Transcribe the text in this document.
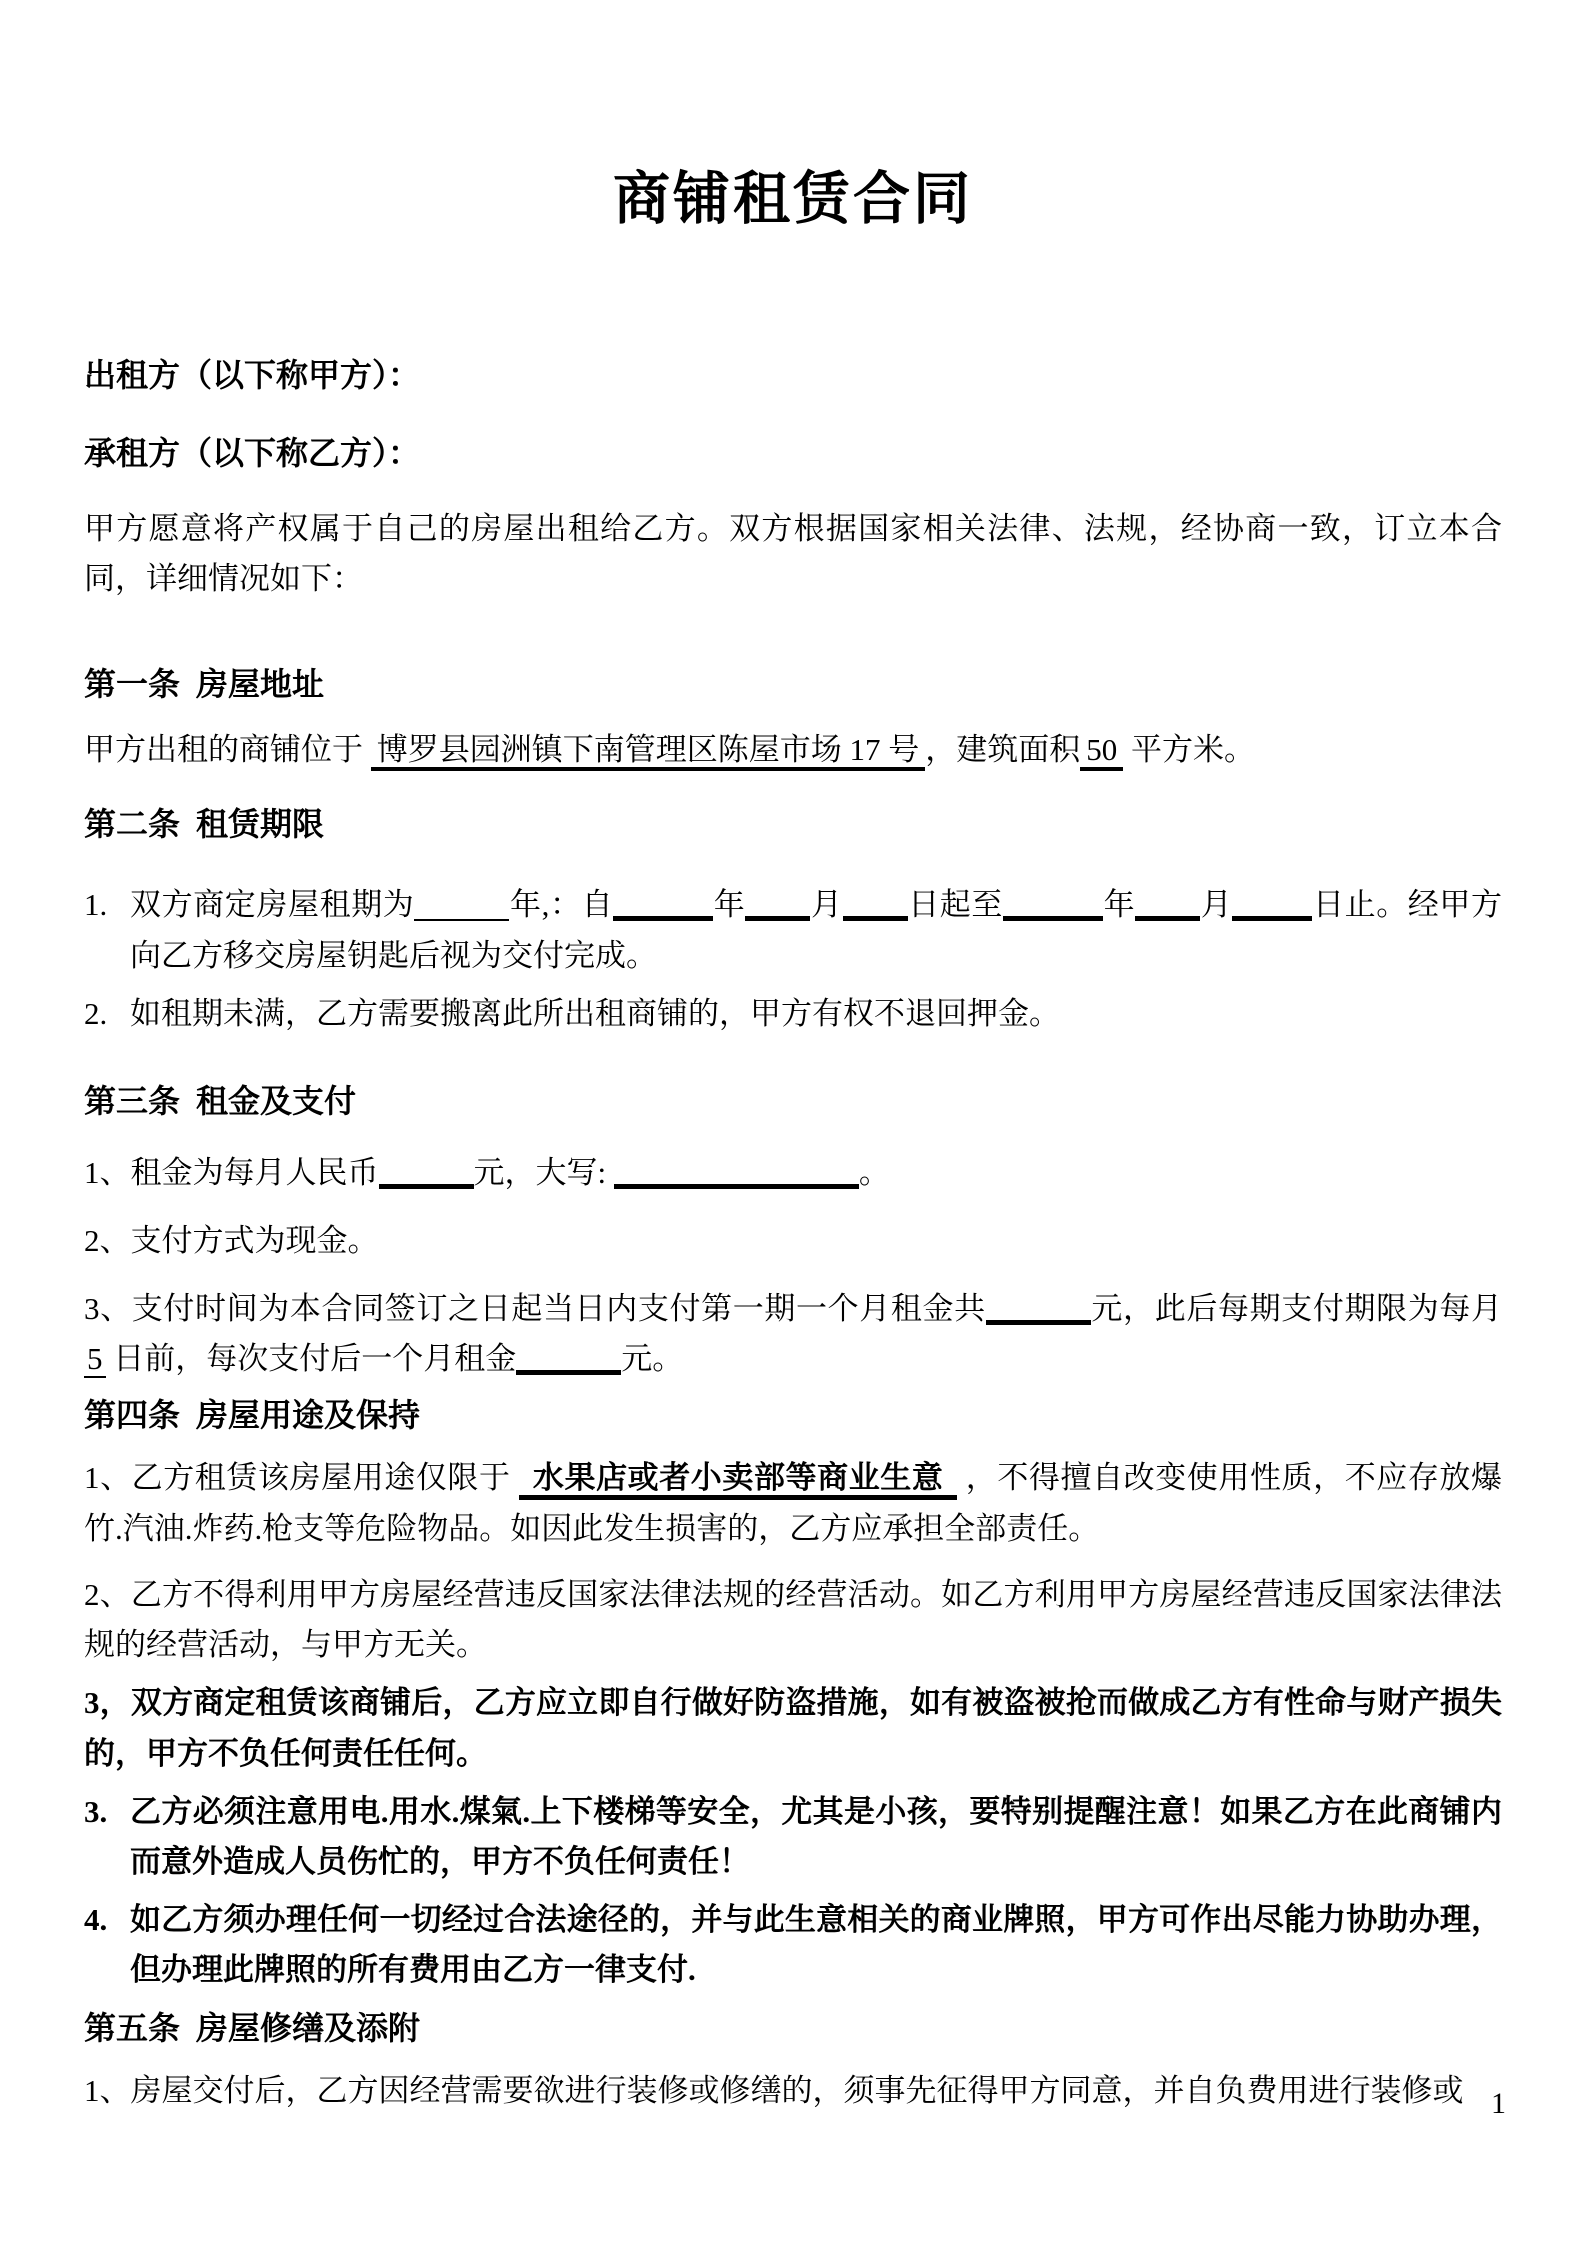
商铺租赁合同

出租方（以下称甲方）：

承租方（以下称乙方）：

甲方愿意将产权属于自己的房屋出租给乙方。双方根据国家相关法律、法规，经协商一致，订立本合同，详细情况如下：

第一条  房屋地址

甲方出租的商铺位于 博罗县园洲镇下南管理区陈屋市场 17 号 ，建筑面积 50 平方米。

第二条  租赁期限

1. 双方商定房屋租期为	年,：自	年 月 日起至	年 月	日止。经甲方向乙方移交房屋钥匙后视为交付完成。
2. 如租期未满，乙方需要搬离此所出租商铺的，甲方有权不退回押金。

第三条  租金及支付

1、租金为每月人民币	元，大写:	。

2、支付方式为现金。

3、支付时间为本合同签订之日起当日内支付第一期一个月租金共	元，此后每期支付期限为每月 5 日前，每次支付后一个月租金	元。

第四条  房屋用途及保持

1、乙方租赁该房屋用途仅限于 水果店或者小卖部等商业生意 ，不得擅自改变使用性质，不应存放爆竹.汽油.炸药.枪支等危险物品。如因此发生损害的，乙方应承担全部责任。

2、乙方不得利用甲方房屋经营违反国家法律法规的经营活动。如乙方利用甲方房屋经营违反国家法律法规的经营活动，与甲方无关。

3，双方商定租赁该商铺后，乙方应立即自行做好防盗措施，如有被盗被抢而做成乙方有性命与财产损失的，甲方不负任何责任任何。

3. 乙方必须注意用电.用水.煤氣.上下楼梯等安全，尤其是小孩，要特别提醒注意！如果乙方在此商铺内而意外造成人员伤忙的，甲方不负任何责任！
4. 如乙方须办理任何一切经过合法途径的，并与此生意相关的商业牌照，甲方可作出尽能力协助办理，但办理此牌照的所有费用由乙方一律支付.

第五条  房屋修缮及添附

1、房屋交付后，乙方因经营需要欲进行装修或修缮的，须事先征得甲方同意，并自负费用进行装修或 1
